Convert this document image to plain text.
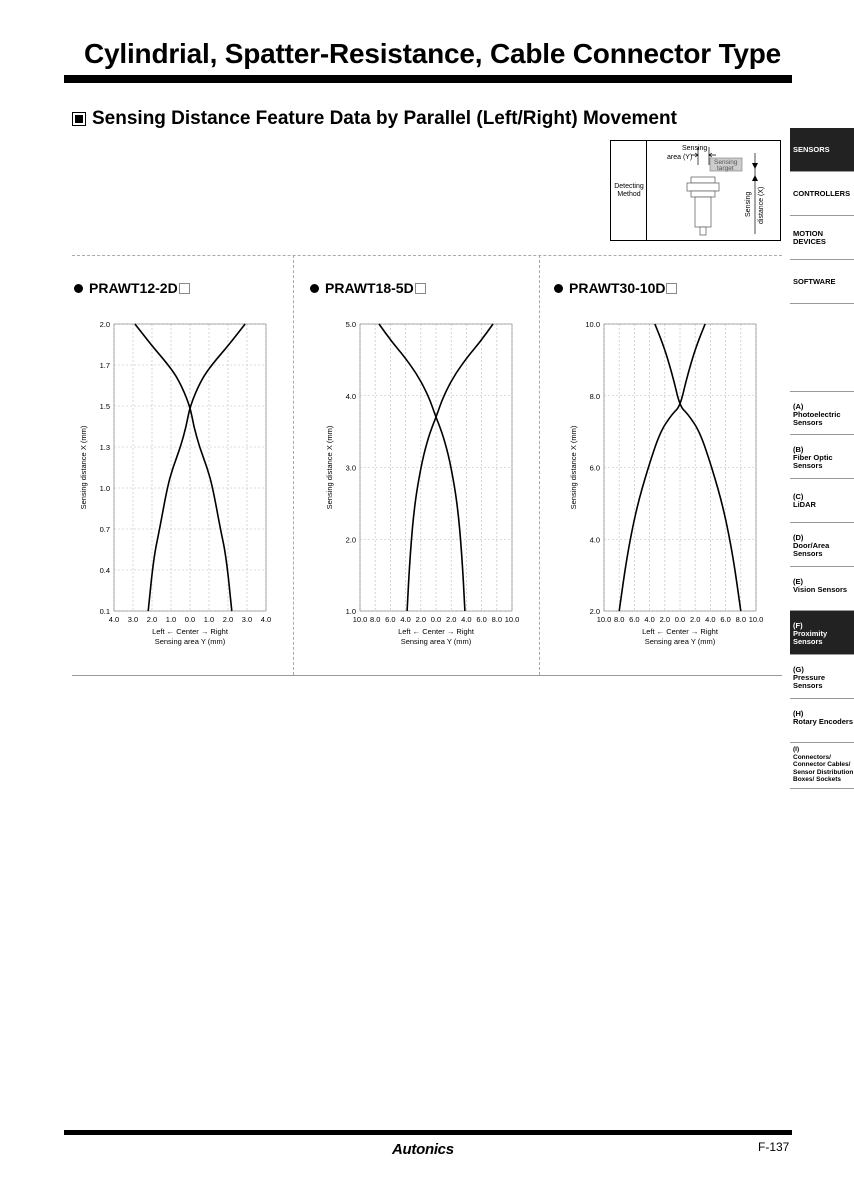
Cylindrial, Spatter-Resistance, Cable Connector Type
Sensing Distance Feature Data by Parallel (Left/Right) Movement
Detecting
Method
Sensing
area (Y)
Sensing
target
Sensing distance (X)
PRAWT12-2D	PRAWT18-5D	PRAWT30-10D
0.1
0.4
0.7
1.0
1.3
1.5
1.7
2.0
4.0 3.0 2.0 1.0 0.0 1.0 2.0 3.0 4.0
Sensing distance X (mm)
Left ← Center → Right
Sensing area Y (mm)
1.0
2.0
3.0
4.0
5.0
10.0 8.0 6.0 4.0 2.0 0.0 2.0 4.0 6.0 8.0 10.0
Sensing distance X (mm)
Left ← Center → Right
Sensing area Y (mm)
2.0
4.0
6.0
8.0
10.0
10.0 8.0 6.0 4.0 2.0 0.0 2.0 4.0 6.0 8.0 10.0
Sensing distance X (mm)
Left ← Center → Right
Sensing area Y (mm)
SENSORS
CONTROLLERS
MOTION DEVICES
SOFTWARE
(A)
Photoelectric Sensors
(B)
Fiber Optic Sensors
(C)
LiDAR
(D)
Door/Area Sensors
(E)
Vision Sensors
(F)
Proximity Sensors
(G)
Pressure Sensors
(H)
Rotary Encoders
(I)
Connectors/ Connector Cables/ Sensor Distribution Boxes/ Sockets
Autonics	F-137
